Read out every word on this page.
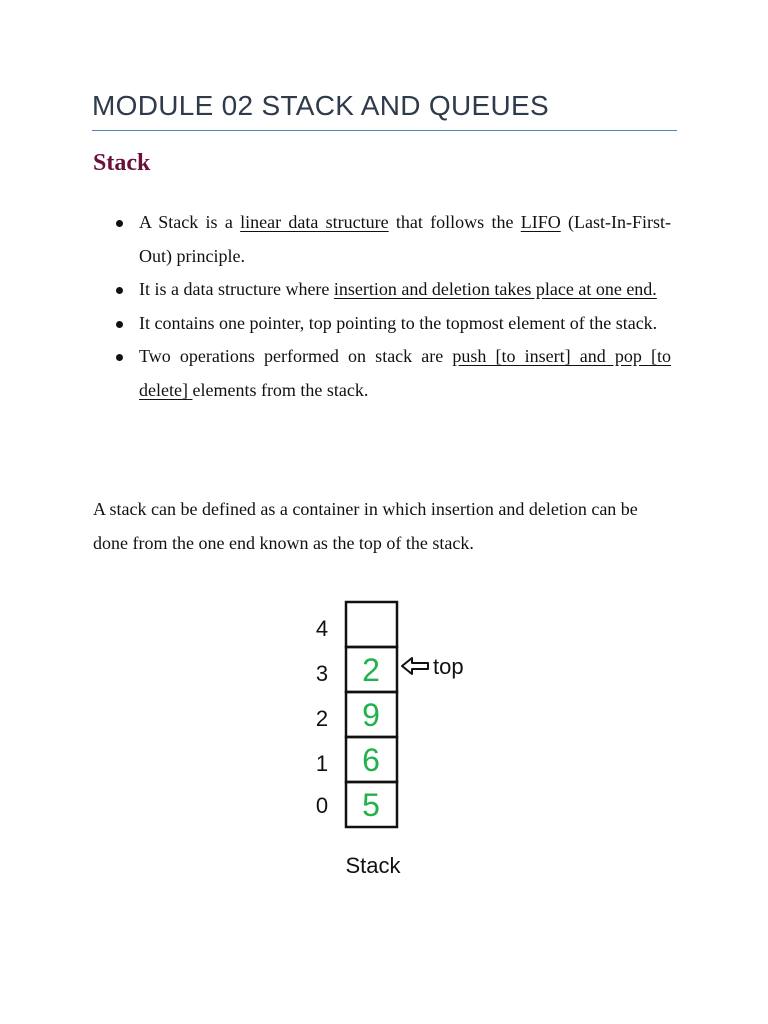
MODULE 02 STACK AND QUEUES
Stack
A Stack is a linear data structure that follows the LIFO (Last-In-First-Out) principle.
It is a data structure where insertion and deletion takes place at one end.
It contains one pointer, top pointing to the topmost element of the stack.
Two operations performed on stack are push [to insert] and pop [to delete] elements from the stack.

A stack can be defined as a container in which insertion and deletion can be done from the one end known as the top of the stack.

4
3
2
1
0
2
9
6
5
top
Stack
